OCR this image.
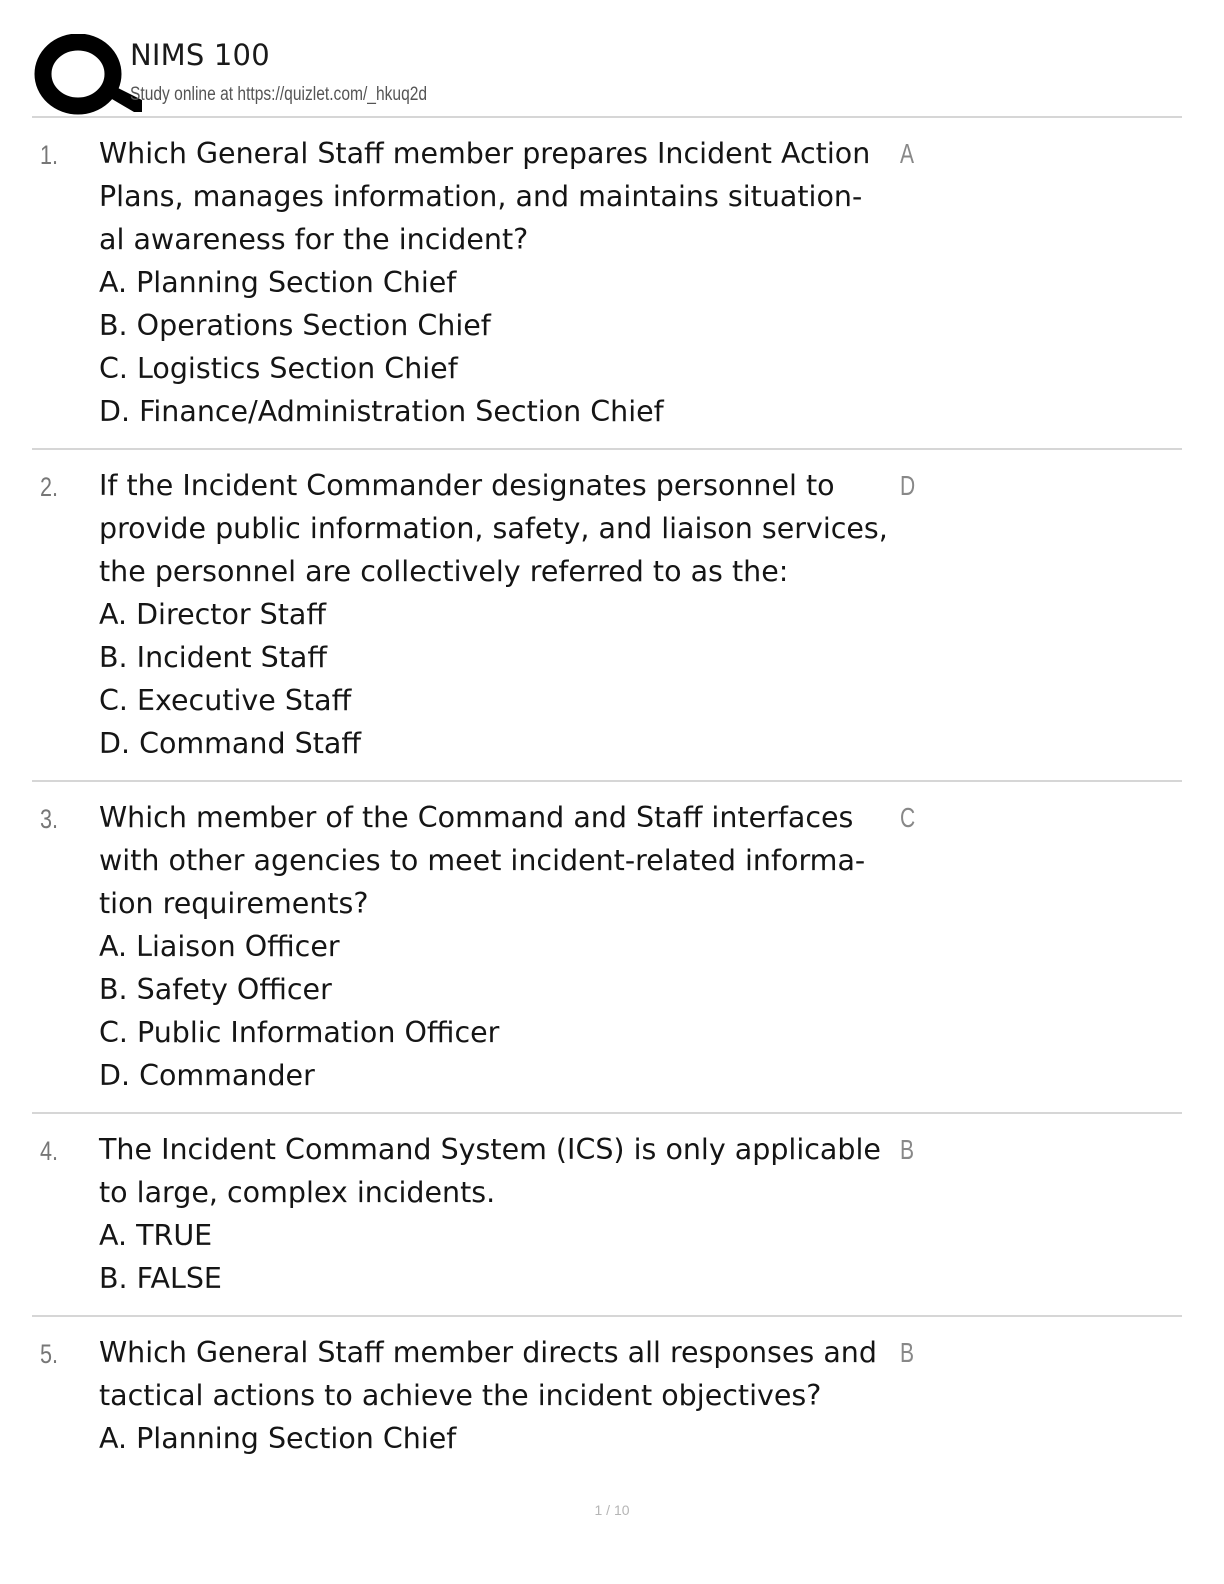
NIMS 100
Study online at https://quizlet.com/_hkuq2d
1. Which General Staff member prepares Incident Action
Plans, manages information, and maintains situation-
al awareness for the incident?
A. Planning Section Chief
B. Operations Section Chief
C. Logistics Section Chief
D. Finance/Administration Section Chief
A
2. If the Incident Commander designates personnel to
provide public information, safety, and liaison services,
the personnel are collectively referred to as the:
A. Director Staff
B. Incident Staff
C. Executive Staff
D. Command Staff
D
3. Which member of the Command and Staff interfaces
with other agencies to meet incident-related informa-
tion requirements?
A. Liaison Officer
B. Safety Officer
C. Public Information Officer
D. Commander
C
4. The Incident Command System (ICS) is only applicable
to large, complex incidents.
A. TRUE
B. FALSE
B
5. Which General Staff member directs all responses and
tactical actions to achieve the incident objectives?
A. Planning Section Chief
B
1 / 10
